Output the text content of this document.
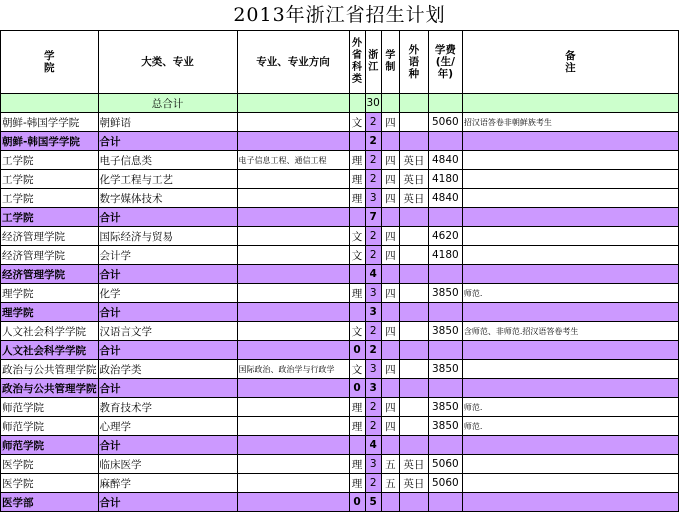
2013年浙江省招生计划
学
院	大类、专业	专业、专业方向	外
省
科
类	浙
江	学
制	外
语
种	学费
(生/
年)	备
注
	总合计			30				
朝鲜-韩国学学院	朝鲜语		文	2	四		5060	招汉语答卷非朝鲜族考生
朝鲜-韩国学学院	合计			2				
工学院	电子信息类	电子信息工程、通信工程	理	2	四	英日	4840	
工学院	化学工程与工艺		理	2	四	英日	4180	
工学院	数字媒体技术		理	3	四	英日	4840	
工学院	合计			7				
经济管理学院	国际经济与贸易		文	2	四		4620	
经济管理学院	会计学		文	2	四		4180	
经济管理学院	合计			4				
理学院	化学		理	3	四		3850	师范.
理学院	合计			3				
人文社会科学学院	汉语言文学		文	2	四		3850	含师范、非师范.招汉语答卷考生
人文社会科学学院	合计		0	2				
政治与公共管理学院	政治学类	国际政治、政治学与行政学	文	3	四		3850	
政治与公共管理学院	合计		0	3				
师范学院	教育技术学		理	2	四		3850	师范.
师范学院	心理学		理	2	四		3850	师范.
师范学院	合计			4				
医学院	临床医学		理	3	五	英日	5060	
医学院	麻醉学		理	2	五	英日	5060	
医学部	合计		0	5				
